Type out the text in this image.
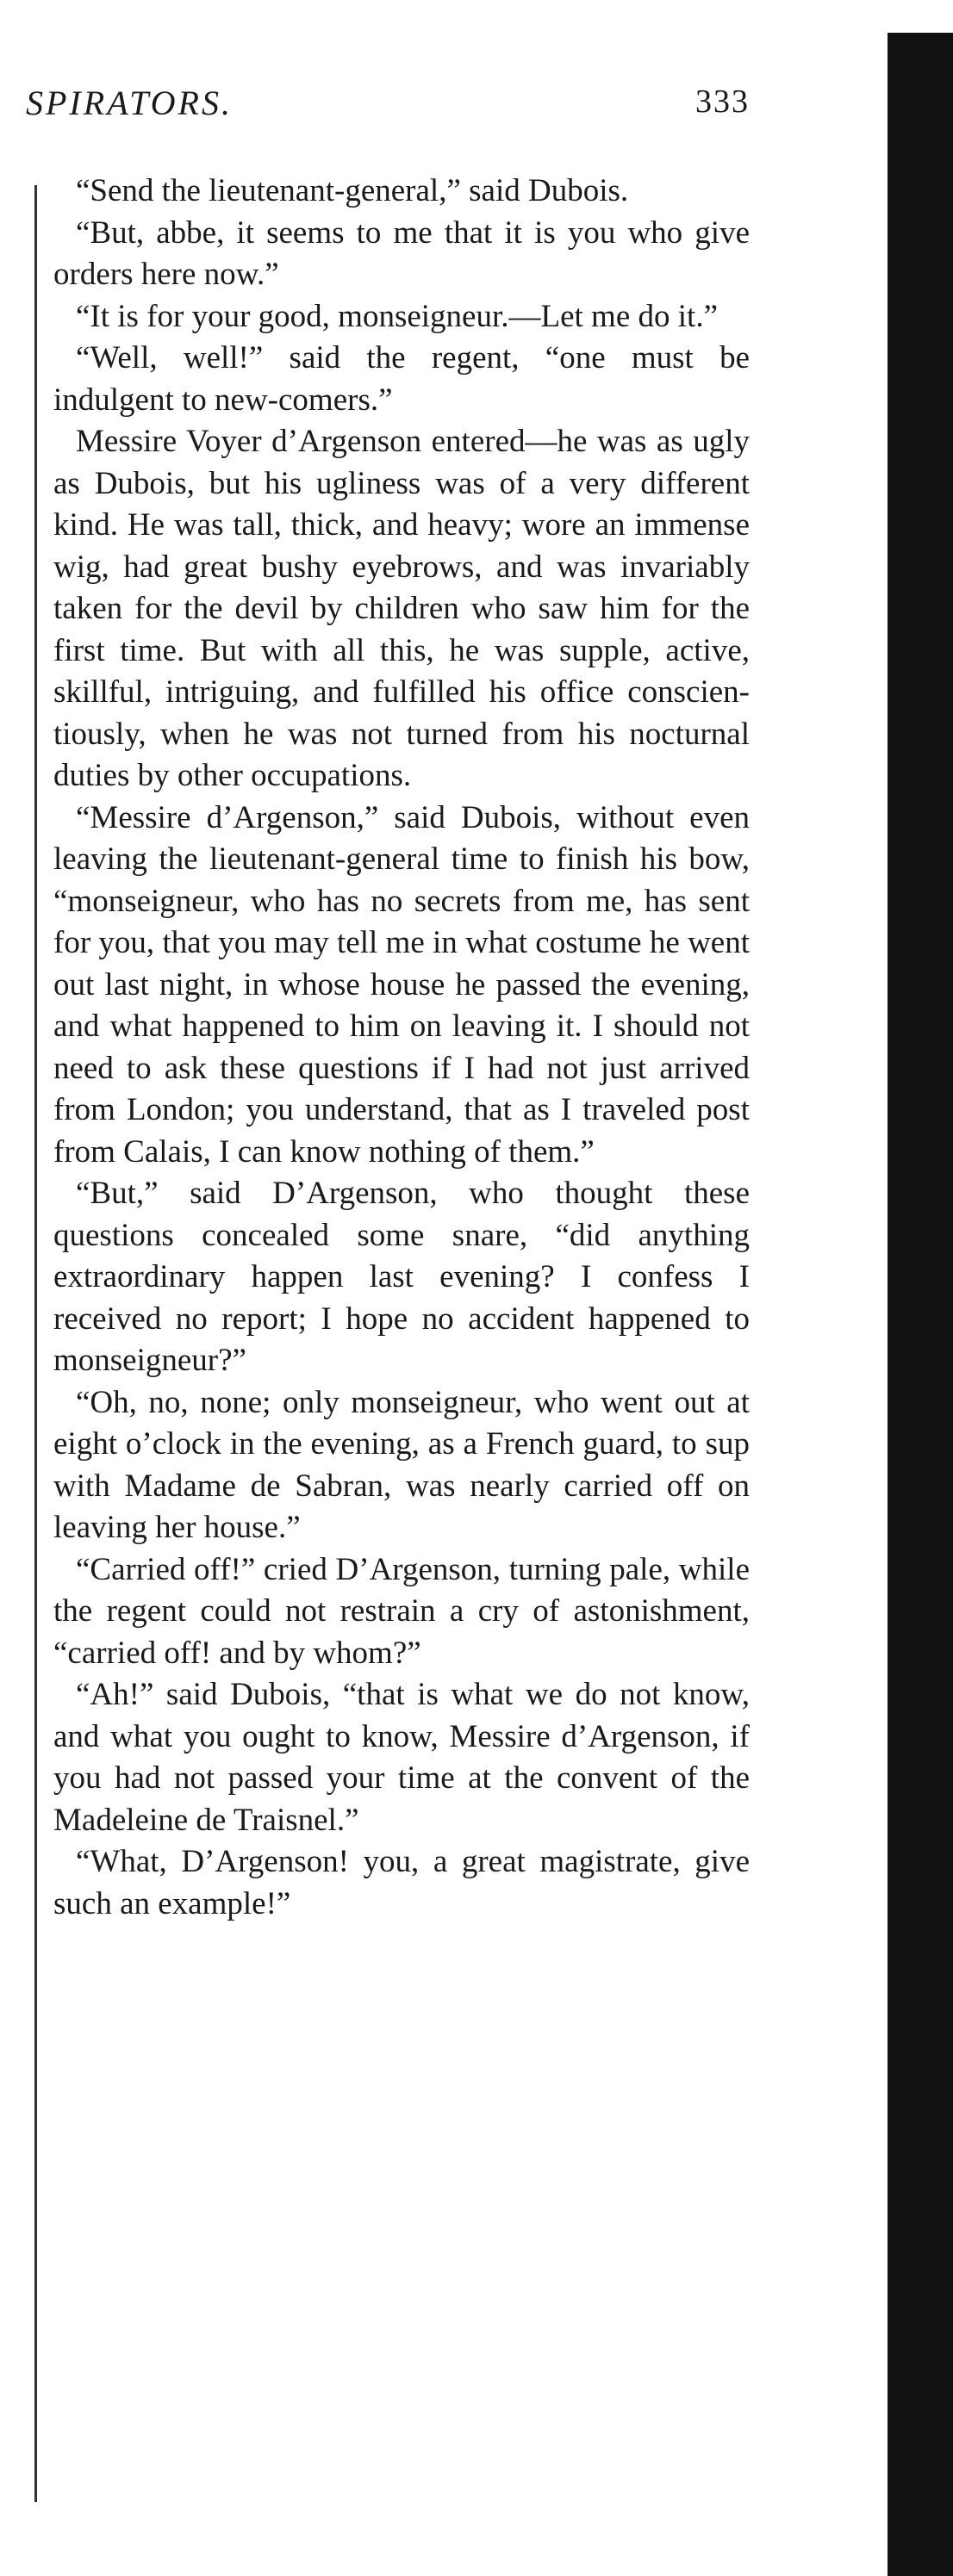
SPIRATORS.	333

“Send the lieutenant-general,” said Dubois.

“But, abbe, it seems to me that it is you who give orders here now.”

“It is for your good, monseigneur.—Let me do it.”

“Well, well!” said the regent, “one must be indulgent to new-comers.”

Messire Voyer d’Argenson entered—he was as ugly as Dubois, but his ugliness was of a very different kind. He was tall, thick, and heavy; wore an immense wig, had great bushy eyebrows, and was invariably taken for the devil by children who saw him for the first time. But with all this, he was supple, active, skillful, intriguing, and fulfilled his office conscientiously, when he was not turned from his nocturnal duties by other occupations.

“Messire d’Argenson,” said Dubois, without even leaving the lieutenant-general time to finish his bow, “monseigneur, who has no secrets from me, has sent for you, that you may tell me in what costume he went out last night, in whose house he passed the evening, and what happened to him on leaving it. I should not need to ask these questions if I had not just arrived from London; you understand, that as I traveled post from Calais, I can know nothing of them.”

“But,” said D’Argenson, who thought these questions concealed some snare, “did anything extraordinary happen last evening? I confess I received no report; I hope no accident happened to monseigneur?”

“Oh, no, none; only monseigneur, who went out at eight o’clock in the evening, as a French guard, to sup with Madame de Sabran, was nearly carried off on leaving her house.”

“Carried off!” cried D’Argenson, turning pale, while the regent could not restrain a cry of astonishment, “carried off! and by whom?”

“Ah!” said Dubois, “that is what we do not know, and what you ought to know, Messire d’Argenson, if you had not passed your time at the convent of the Madeleine de Traisnel.”

“What, D’Argenson! you, a great magistrate, give such an example!”
